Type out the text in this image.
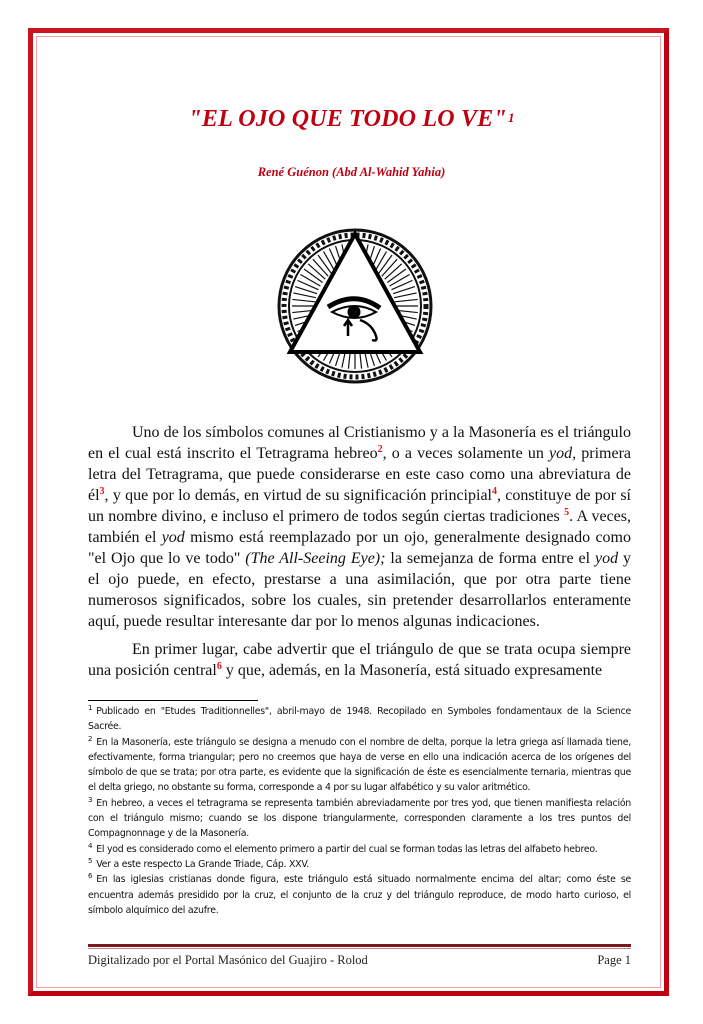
"EL OJO QUE TODO LO VE"$^1$
René Guénon (Abd Al-Wahid Yahia)

Uno de los símbolos comunes al Cristianismo y a la Masonería es el triángulo en el cual está inscrito el Tetragrama hebreo$^2$, o a veces solamente un yod, primera letra del Tetragrama, que puede considerarse en este caso como una abreviatura de él$^3$, y que por lo demás, en virtud de su significación principial$^4$, constituye de por sí un nombre divino, e incluso el primero de todos según ciertas tradiciones $^5$. A veces, también el yod mismo está reemplazado por un ojo, generalmente designado como "el Ojo que lo ve todo" (The All-Seeing Eye); la semejanza de forma entre el yod y el ojo puede, en efecto, prestarse a una asimilación, que por otra parte tiene numerosos significados, sobre los cuales, sin pretender desarrollarlos enteramente aquí, puede resultar interesante dar por lo menos algunas indicaciones.

En primer lugar, cabe advertir que el triángulo de que se trata ocupa siempre una posición central$^6$ y que, además, en la Masonería, está situado expresamente

$^1$ Publicado en "Etudes Traditionnelles", abril-mayo de 1948. Recopilado en Symboles fondamentaux de la Science Sacrée.

$^2$ En la Masonería, este triángulo se designa a menudo con el nombre de delta, porque la letra griega así llamada tiene, efectivamente, forma triangular; pero no creemos que haya de verse en ello una indicación acerca de los orígenes del símbolo de que se trata; por otra parte, es evidente que la significación de éste es esencialmente ternaria, mientras que el delta griego, no obstante su forma, corresponde a 4 por su lugar alfabético y su valor aritmético.

$^3$ En hebreo, a veces el tetragrama se representa también abreviadamente por tres yod, que tienen manifiesta relación con el triángulo mismo; cuando se los dispone triangularmente, corresponden claramente a los tres puntos del Compagnonnage y de la Masonería.

$^4$ El yod es considerado como el elemento primero a partir del cual se forman todas las letras del alfabeto hebreo.

$^5$ Ver a este respecto La Grande Triade, Cáp. XXV.

$^6$ En las iglesias cristianas donde figura, este triángulo está situado normalmente encima del altar; como éste se encuentra además presidido por la cruz, el conjunto de la cruz y del triángulo reproduce, de modo harto curioso, el símbolo alquímico del azufre.

Digitalizado por el Portal Masónico del Guajiro - Rolod	Page 1
